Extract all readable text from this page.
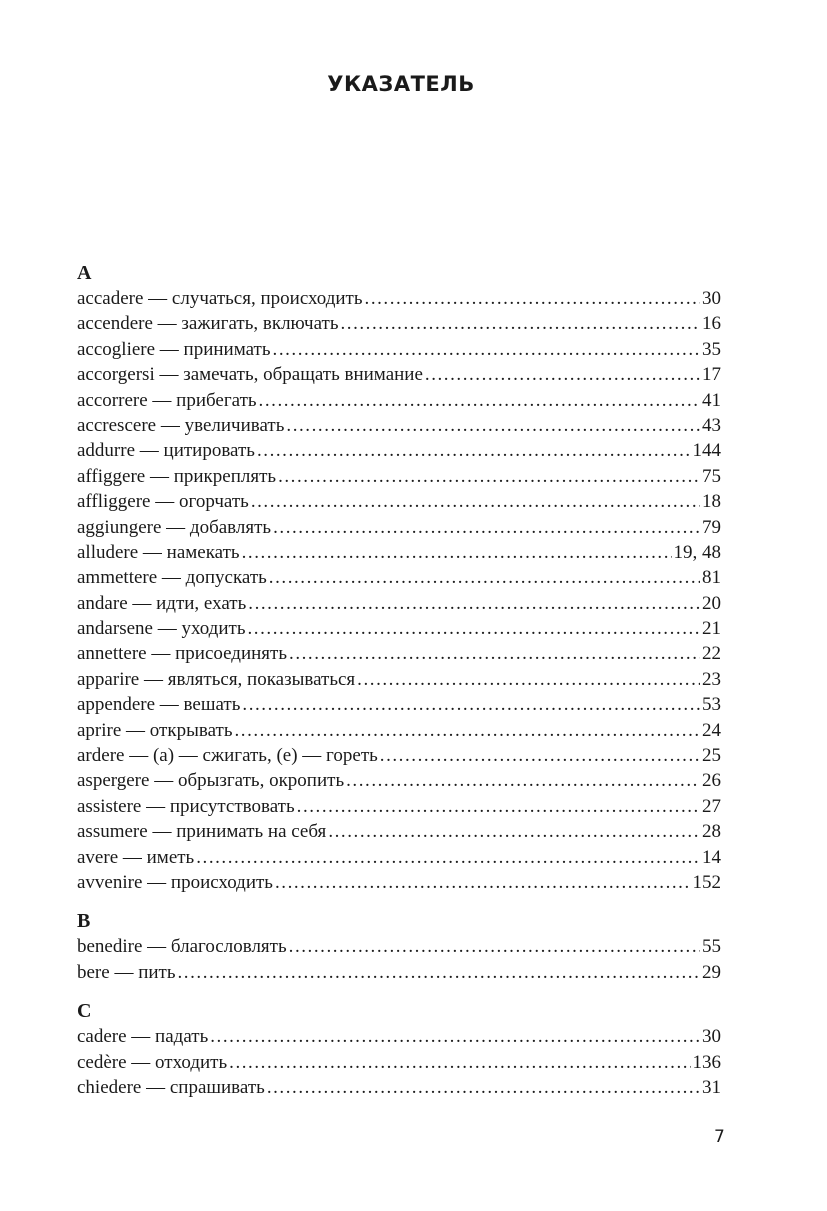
УКАЗАТЕЛЬ
A
accadere — случаться, происходить . . .	30
accendere — зажигать, включать . . .	16
accogliere — принимать . . .	35
accorgersi — замечать, обращать внимание . . .	17
accorrere — прибегать . . .	41
accrescere — увеличивать . . .	43
addurre — цитировать . . .	144
affiggere — прикреплять . . .	75
affliggere — огорчать . . .	18
aggiungere — добавлять . . .	79
alludere — намекать . . .	19, 48
ammettere — допускать . . .	81
andare — идти, ехать . . .	20
andarsene — уходить . . .	21
annettere — присоединять . . .	22
apparire — являться, показываться . . .	23
appendere — вешать . . .	53
aprire — открывать . . .	24
ardere — (a) — сжигать, (e) — гореть . . .	25
aspergere — обрызгать, окропить . . .	26
assistere — присутствовать . . .	27
assumere — принимать на себя . . .	28
avere — иметь . . .	14
avvenire — происходить . . .	152
B
benedire — благословлять . . .	55
bere — пить . . .	29
C
cadere — падать . . .	30
cedère — отходить . . .	136
chiedere — спрашивать . . .	31

7
